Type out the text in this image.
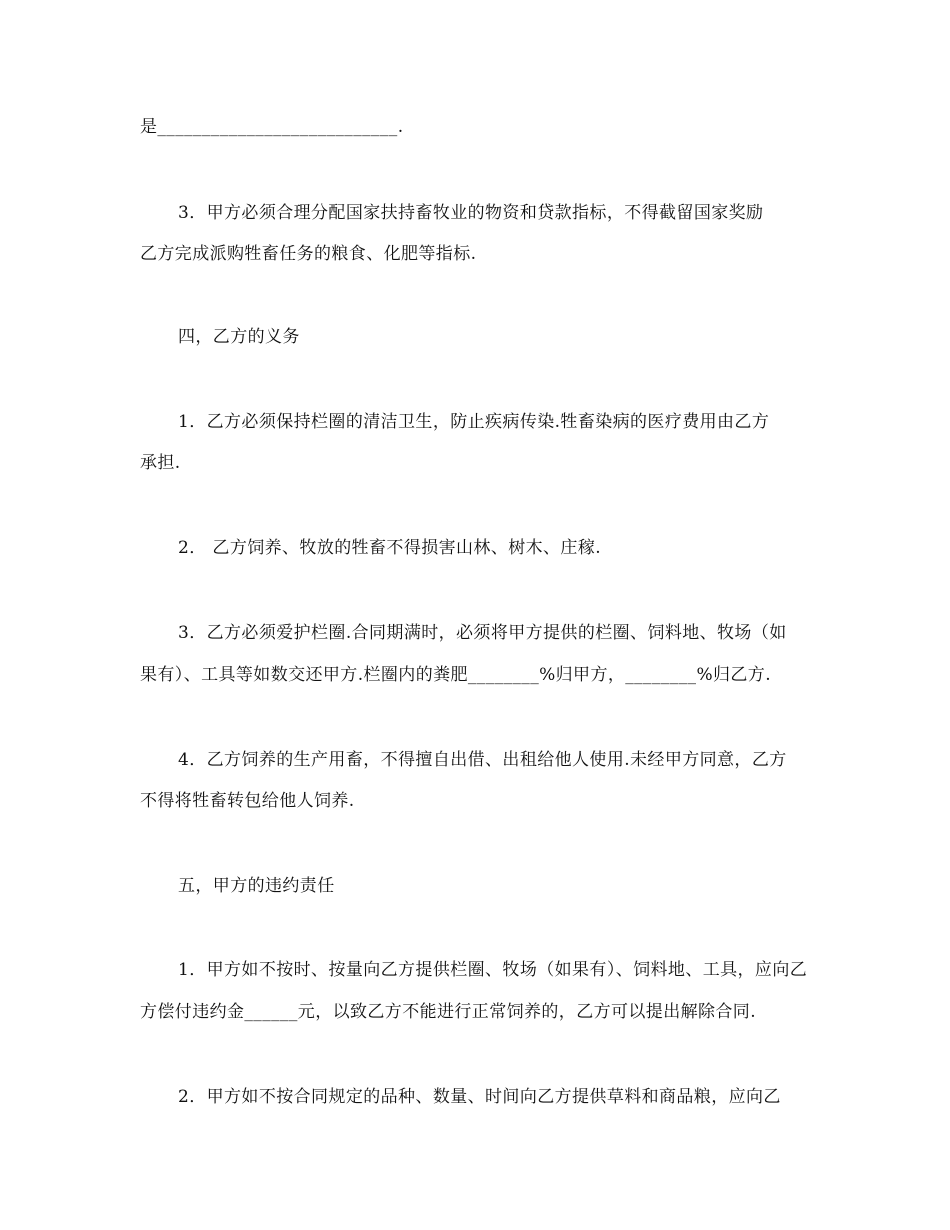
是___________________________.
3．甲方必须合理分配国家扶持畜牧业的物资和贷款指标，不得截留国家奖励
乙方完成派购牲畜任务的粮食、化肥等指标.
四，乙方的义务
1．乙方必须保持栏圈的清洁卫生，防止疾病传染.牲畜染病的医疗费用由乙方
承担.
2． 乙方饲养、牧放的牲畜不得损害山林、树木、庄稼.
3．乙方必须爱护栏圈.合同期满时，必须将甲方提供的栏圈、饲料地、牧场（如
果有）、工具等如数交还甲方.栏圈内的粪肥________%归甲方，________%归乙方.
4．乙方饲养的生产用畜，不得擅自出借、出租给他人使用.未经甲方同意，乙方
不得将牲畜转包给他人饲养.
五，甲方的违约责任
1．甲方如不按时、按量向乙方提供栏圈、牧场（如果有）、饲料地、工具，应向乙
方偿付违约金______元，以致乙方不能进行正常饲养的，乙方可以提出解除合同.
2．甲方如不按合同规定的品种、数量、时间向乙方提供草料和商品粮，应向乙
